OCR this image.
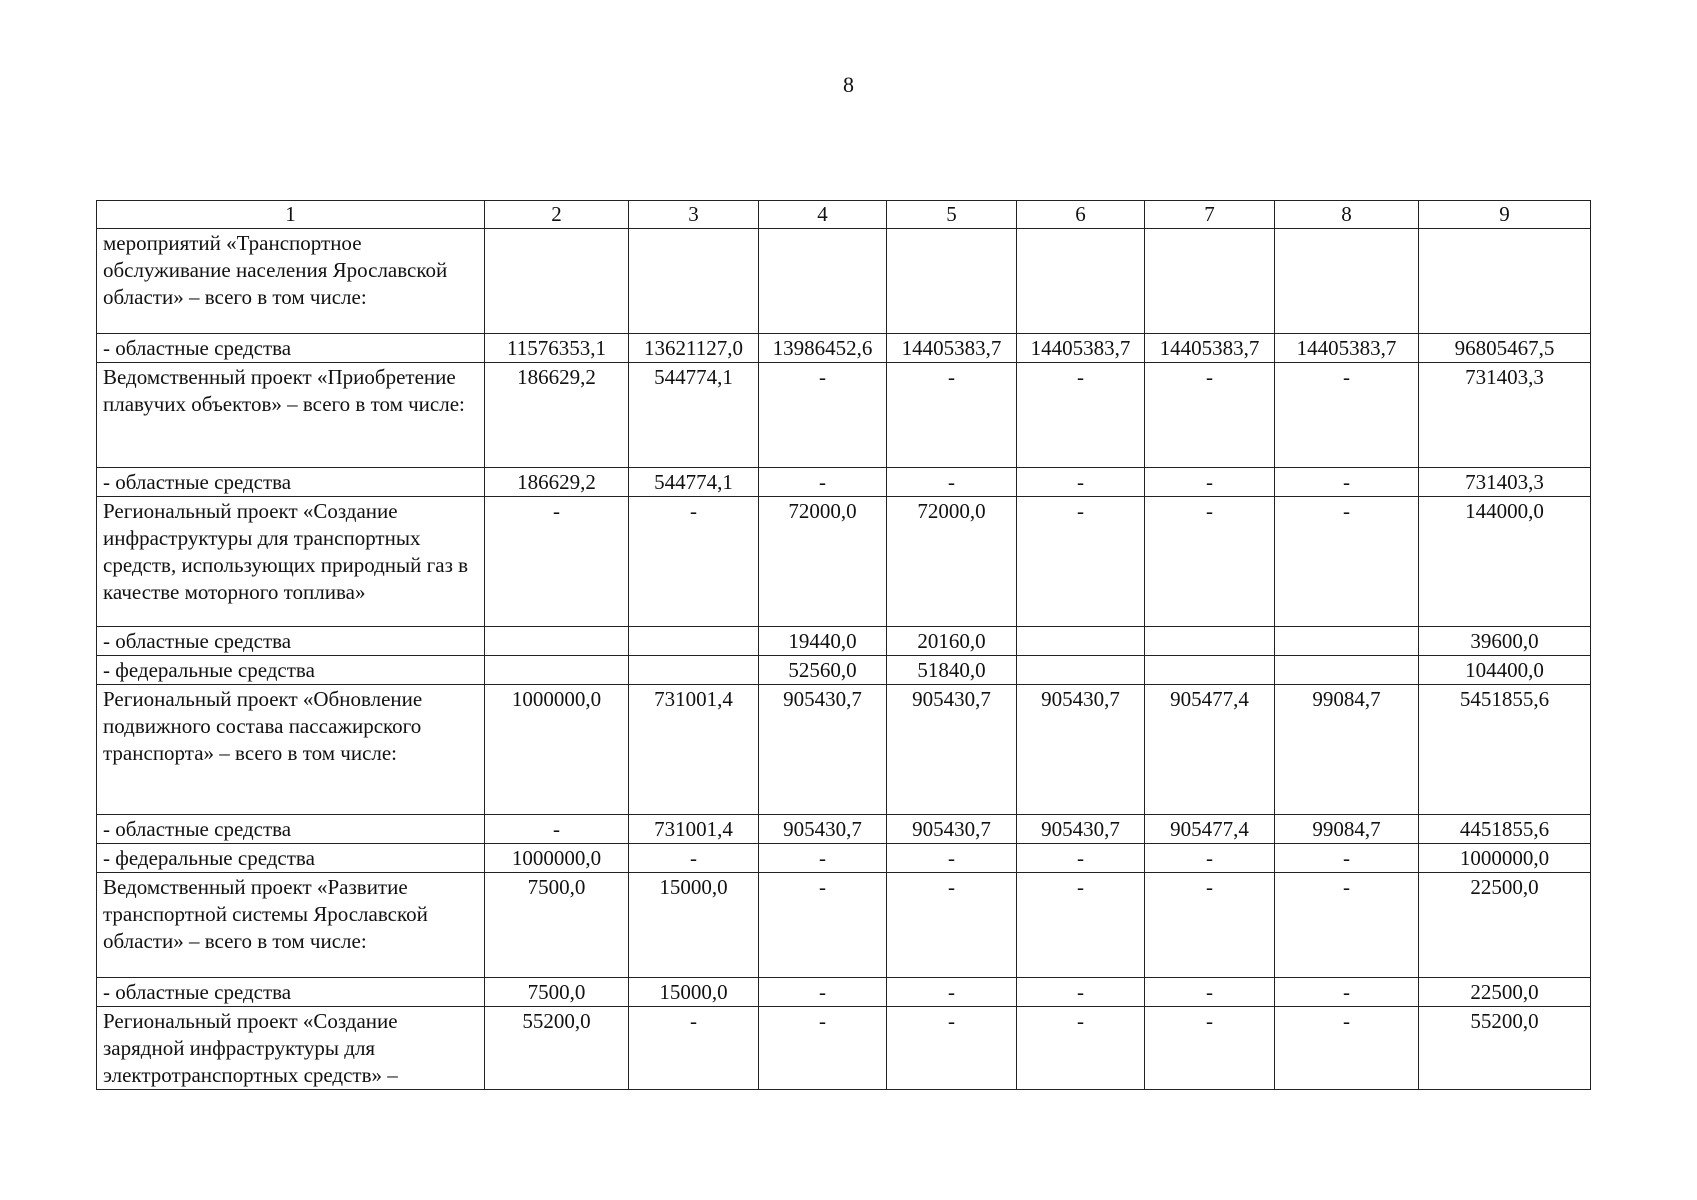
8
1	2	3	4	5	6	7	8	9
мероприятий «Транспортное обслуживание населения Ярославской области» – всего в том числе:								
- областные средства	11576353,1	13621127,0	13986452,6	14405383,7	14405383,7	14405383,7	14405383,7	96805467,5
Ведомственный проект «Приобретение плавучих объектов» – всего в том числе:	186629,2	544774,1	-	-	-	-	-	731403,3
- областные средства	186629,2	544774,1	-	-	-	-	-	731403,3
Региональный проект «Создание инфраструктуры для транспортных средств, использующих природный газ в качестве моторного топлива»	-	-	72000,0	72000,0	-	-	-	144000,0
- областные средства			19440,0	20160,0				39600,0
- федеральные средства			52560,0	51840,0				104400,0
Региональный проект «Обновление подвижного состава пассажирского транспорта» – всего в том числе:	1000000,0	731001,4	905430,7	905430,7	905430,7	905477,4	99084,7	5451855,6
- областные средства	-	731001,4	905430,7	905430,7	905430,7	905477,4	99084,7	4451855,6
- федеральные средства	1000000,0	-	-	-	-	-	-	1000000,0
Ведомственный проект «Развитие транспортной системы Ярославской области» – всего в том числе:	7500,0	15000,0	-	-	-	-	-	22500,0
- областные средства	7500,0	15000,0	-	-	-	-	-	22500,0
Региональный проект «Создание зарядной инфраструктуры для электротранспортных средств» –	55200,0	-	-	-	-	-	-	55200,0
